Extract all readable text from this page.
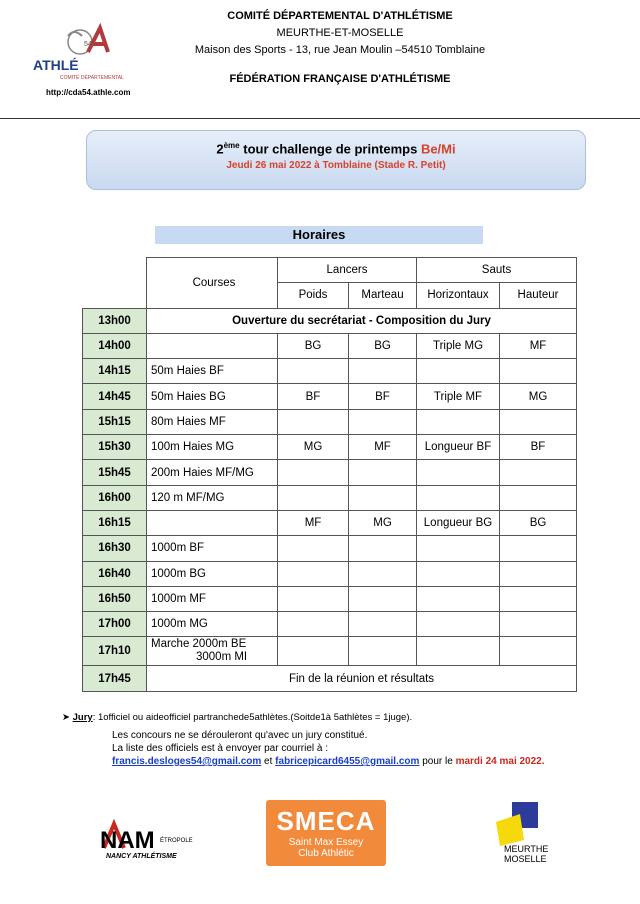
54
ATHLÉ
COMITÉ DÉPARTEMENTAL
http://cda54.athle.com
COMITÉ DÉPARTEMENTAL D'ATHLÉTISME
MEURTHE-ET-MOSELLE
Maison des Sports - 13, rue Jean Moulin –54510 Tomblaine
FÉDÉRATION FRANÇAISE D'ATHLÉTISME
2ème tour challenge de printemps Be/Mi
Jeudi 26 mai 2022 à Tomblaine (Stade R. Petit)
Horaires
	Courses	Lancers		Sauts	
		Poids	Marteau	Horizontaux	Hauteur
13h00	Ouverture du secrétariat - Composition du Jury				
14h00		BG	BG	Triple MG	MF
14h15	50m Haies BF				
14h45	50m Haies BG	BF	BF	Triple MF	MG
15h15	80m Haies MF				
15h30	100m Haies MG	MG	MF	Longueur BF	BF
15h45	200m Haies MF/MG				
16h00	120 m MF/MG				
16h15		MF	MG	Longueur BG	BG
16h30	1000m BF				
16h40	1000m BG				
16h50	1000m MF				
17h00	1000m MG				
17h10	Marche 2000m BE
3000m MI				

17h45	Fin de la réunion et résultats				
➤ Jury: 1officiel ou aideofficiel partranchede5athlètes.(Soitde1à 5athlètes = 1juge).
Les concours ne se dérouleront qu'avec un jury constitué.
La liste des officiels est à envoyer par courriel à :
francis.desloges54@gmail.com et fabricepicard6455@gmail.com pour le mardi 24 mai 2022.
NAM ÉTROPOLE
NANCY ATHLÉTISME
SMECA
Saint Max Essey
Club Athlétic	MEURTHE
MOSELLE
